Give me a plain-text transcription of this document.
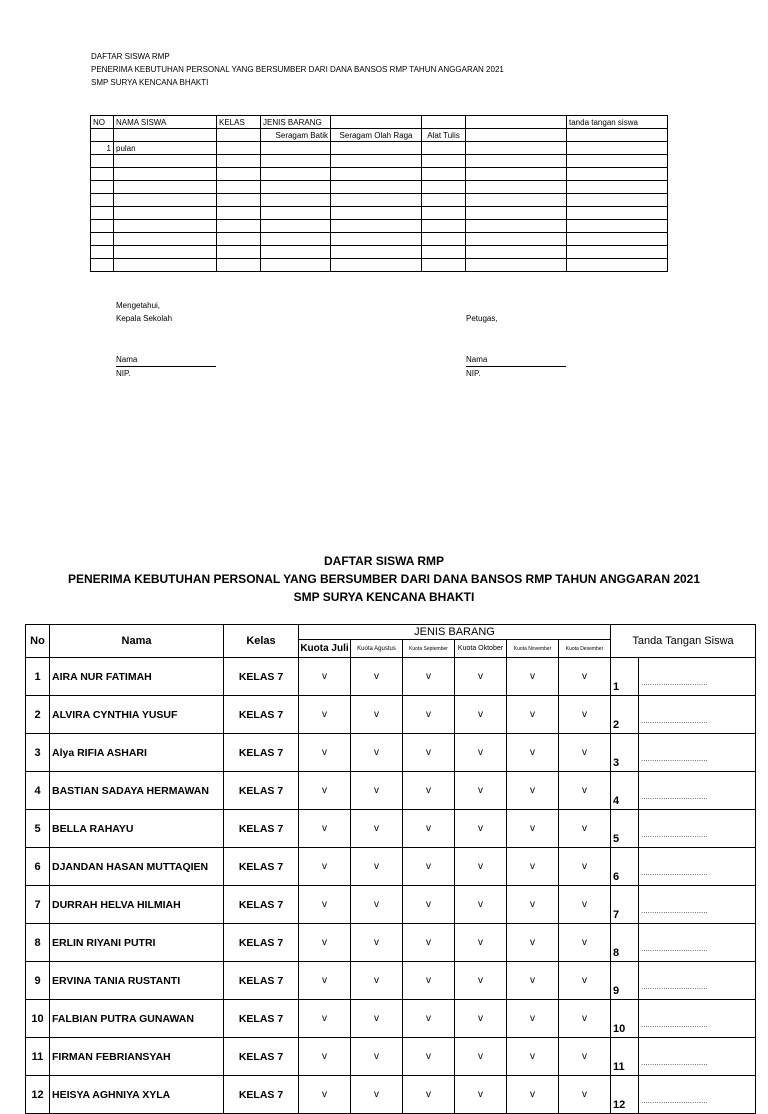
DAFTAR SISWA RMP
PENERIMA KEBUTUHAN PERSONAL YANG BERSUMBER DARI DANA BANSOS RMP TAHUN ANGGARAN 2021
SMP SURYA KENCANA BHAKTI
NO	NAMA SISWA	KELAS	JENIS BARANG				tanda tangan siswa
			Seragam Batik	Seragam Olah Raga	Alat Tulis		
1	pulan						

Mengetahui,
Kepala Sekolah
Nama
NIP.
Petugas,
Nama
NIP.
DAFTAR SISWA RMP
PENERIMA KEBUTUHAN PERSONAL YANG BERSUMBER DARI DANA BANSOS RMP TAHUN ANGGARAN 2021
SMP SURYA KENCANA BHAKTI
No	Nama	Kelas	JENIS BARANG						Tanda Tangan Siswa	
			Kuota Juli	Kuota Agustus	Kuota September	Kuota Oktober	Kuota November	Kuota Desember		
1	AIRA NUR FATIMAH	KELAS 7	v	v	v	v	v	v	1	..............................
2	ALVIRA CYNTHIA YUSUF	KELAS 7	v	v	v	v	v	v	2	..............................
3	Alya RIFIA ASHARI	KELAS 7	v	v	v	v	v	v	3	..............................
4	BASTIAN SADAYA HERMAWAN	KELAS 7	v	v	v	v	v	v	4	..............................
5	BELLA RAHAYU	KELAS 7	v	v	v	v	v	v	5	..............................
6	DJANDAN HASAN MUTTAQIEN	KELAS 7	v	v	v	v	v	v	6	..............................
7	DURRAH HELVA HILMIAH	KELAS 7	v	v	v	v	v	v	7	..............................
8	ERLIN RIYANI PUTRI	KELAS 7	v	v	v	v	v	v	8	..............................
9	ERVINA TANIA RUSTANTI	KELAS 7	v	v	v	v	v	v	9	..............................
10	FALBIAN PUTRA GUNAWAN	KELAS 7	v	v	v	v	v	v	10	..............................
11	FIRMAN FEBRIANSYAH	KELAS 7	v	v	v	v	v	v	11	..............................
12	HEISYA AGHNIYA XYLA	KELAS 7	v	v	v	v	v	v	12	..............................
